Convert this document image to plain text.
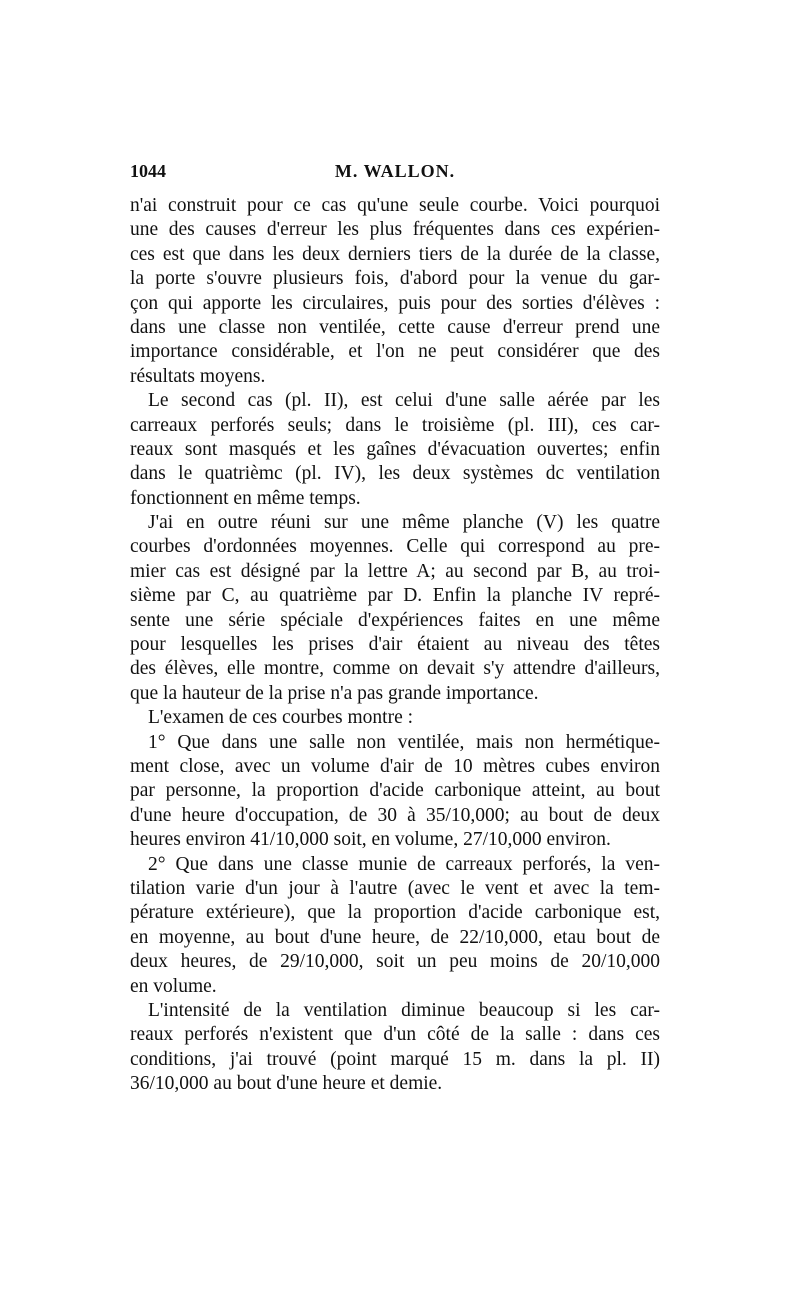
1044	M. WALLON.
n'ai construit pour ce cas qu'une seule courbe. Voici pourquoi
une des causes d'erreur les plus fréquentes dans ces expérien-
ces est que dans les deux derniers tiers de la durée de la classe,
la porte s'ouvre plusieurs fois, d'abord pour la venue du gar-
çon qui apporte les circulaires, puis pour des sorties d'élèves :
dans une classe non ventilée, cette cause d'erreur prend une
importance considérable, et l'on ne peut considérer que des
résultats moyens.
Le second cas (pl. II), est celui d'une salle aérée par les
carreaux perforés seuls; dans le troisième (pl. III), ces car-
reaux sont masqués et les gaînes d'évacuation ouvertes; enfin
dans le quatrièmc (pl. IV), les deux systèmes dc ventilation
fonctionnent en même temps.
J'ai en outre réuni sur une même planche (V) les quatre
courbes d'ordonnées moyennes. Celle qui correspond au pre-
mier cas est désigné par la lettre A; au second par B, au troi-
sième par C, au quatrième par D. Enfin la planche IV repré-
sente une série spéciale d'expériences faites en une même
pour lesquelles les prises d'air étaient au niveau des têtes
des élèves, elle montre, comme on devait s'y attendre d'ailleurs,
que la hauteur de la prise n'a pas grande importance.
L'examen de ces courbes montre :
1° Que dans une salle non ventilée, mais non hermétique-
ment close, avec un volume d'air de 10 mètres cubes environ
par personne, la proportion d'acide carbonique atteint, au bout
d'une heure d'occupation, de 30 à 35/10,000; au bout de deux
heures environ 41/10,000 soit, en volume, 27/10,000 environ.
2° Que dans une classe munie de carreaux perforés, la ven-
tilation varie d'un jour à l'autre (avec le vent et avec la tem-
pérature extérieure), que la proportion d'acide carbonique est,
en moyenne, au bout d'une heure, de 22/10,000, etau bout de
deux heures, de 29/10,000, soit un peu moins de 20/10,000
en volume.
L'intensité de la ventilation diminue beaucoup si les car-
reaux perforés n'existent que d'un côté de la salle : dans ces
conditions, j'ai trouvé (point marqué 15 m. dans la pl. II)
36/10,000 au bout d'une heure et demie.
